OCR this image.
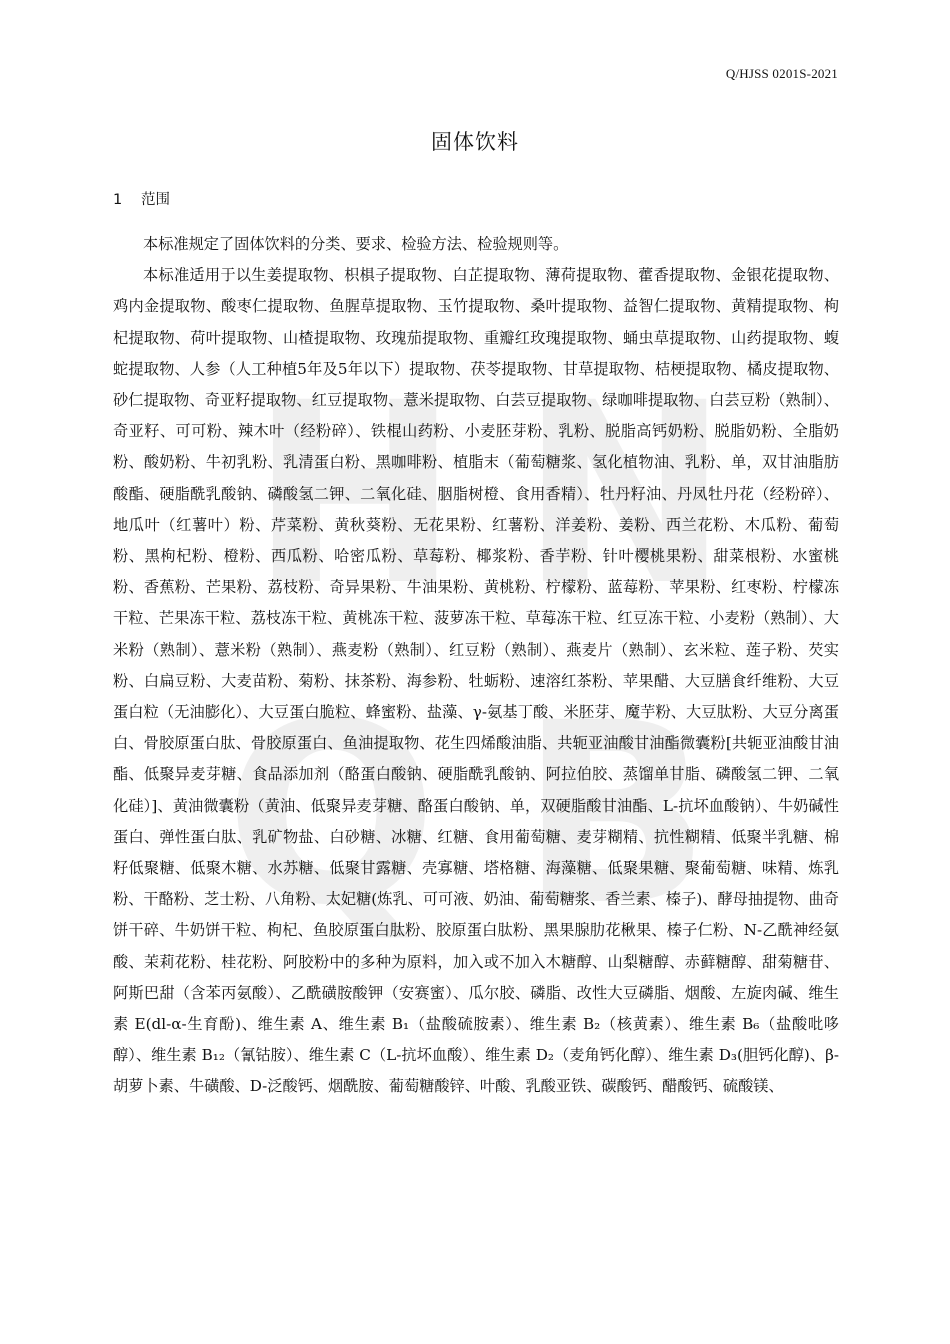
H N
Q B
Q/HJSS 0201S-2021
固体饮料
1 范围

本标准规定了固体饮料的分类、要求、检验方法、检验规则等。

本标准适用于以生姜提取物、枳椇子提取物、白芷提取物、薄荷提取物、藿香提取物、金银花提取物、鸡内金提取物、酸枣仁提取物、鱼腥草提取物、玉竹提取物、桑叶提取物、益智仁提取物、黄精提取物、枸杞提取物、荷叶提取物、山楂提取物、玫瑰茄提取物、重瓣红玫瑰提取物、蛹虫草提取物、山药提取物、蝮蛇提取物、人参（人工种植5年及5年以下）提取物、茯苓提取物、甘草提取物、桔梗提取物、橘皮提取物、砂仁提取物、奇亚籽提取物、红豆提取物、薏米提取物、白芸豆提取物、绿咖啡提取物、白芸豆粉（熟制）、奇亚籽、可可粉、辣木叶（经粉碎）、铁棍山药粉、小麦胚芽粉、乳粉、脱脂高钙奶粉、脱脂奶粉、全脂奶粉、酸奶粉、牛初乳粉、乳清蛋白粉、黑咖啡粉、植脂末（葡萄糖浆、氢化植物油、乳粉、单，双甘油脂肪酸酯、硬脂酰乳酸钠、磷酸氢二钾、二氧化硅、胭脂树橙、食用香精）、牡丹籽油、丹凤牡丹花（经粉碎）、地瓜叶（红薯叶）粉、芹菜粉、黄秋葵粉、无花果粉、红薯粉、洋姜粉、姜粉、西兰花粉、木瓜粉、葡萄粉、黑枸杞粉、橙粉、西瓜粉、哈密瓜粉、草莓粉、椰浆粉、香芋粉、针叶樱桃果粉、甜菜根粉、水蜜桃粉、香蕉粉、芒果粉、荔枝粉、奇异果粉、牛油果粉、黄桃粉、柠檬粉、蓝莓粉、苹果粉、红枣粉、柠檬冻干粒、芒果冻干粒、荔枝冻干粒、黄桃冻干粒、菠萝冻干粒、草莓冻干粒、红豆冻干粒、小麦粉（熟制）、大米粉（熟制）、薏米粉（熟制）、燕麦粉（熟制）、红豆粉（熟制）、燕麦片（熟制）、玄米粒、莲子粉、芡实粉、白扁豆粉、大麦苗粉、菊粉、抹茶粉、海参粉、牡蛎粉、速溶红茶粉、苹果醋、大豆膳食纤维粉、大豆蛋白粒（无油膨化）、大豆蛋白脆粒、蜂蜜粉、盐藻、γ-氨基丁酸、米胚芽、魔芋粉、大豆肽粉、大豆分离蛋白、骨胶原蛋白肽、骨胶原蛋白、鱼油提取物、花生四烯酸油脂、共轭亚油酸甘油酯微囊粉[共轭亚油酸甘油酯、低聚异麦芽糖、食品添加剂（酪蛋白酸钠、硬脂酰乳酸钠、阿拉伯胶、蒸馏单甘脂、磷酸氢二钾、二氧化硅）]、黄油微囊粉（黄油、低聚异麦芽糖、酪蛋白酸钠、单，双硬脂酸甘油酯、L-抗坏血酸钠）、牛奶碱性蛋白、弹性蛋白肽、乳矿物盐、白砂糖、冰糖、红糖、食用葡萄糖、麦芽糊精、抗性糊精、低聚半乳糖、棉籽低聚糖、低聚木糖、水苏糖、低聚甘露糖、壳寡糖、塔格糖、海藻糖、低聚果糖、聚葡萄糖、味精、炼乳粉、干酪粉、芝士粉、八角粉、太妃糖(炼乳、可可液、奶油、葡萄糖浆、香兰素、榛子)、酵母抽提物、曲奇饼干碎、牛奶饼干粒、枸杞、鱼胶原蛋白肽粉、胶原蛋白肽粉、黑果腺肋花楸果、榛子仁粉、N-乙酰神经氨酸、茉莉花粉、桂花粉、阿胶粉中的多种为原料，加入或不加入木糖醇、山梨糖醇、赤藓糖醇、甜菊糖苷、阿斯巴甜（含苯丙氨酸）、乙酰磺胺酸钾（安赛蜜）、瓜尔胶、磷脂、改性大豆磷脂、烟酸、左旋肉碱、维生素 E(dl-α-生育酚)、维生素 A、维生素 B₁（盐酸硫胺素）、维生素 B₂（核黄素）、维生素 B₆（盐酸吡哆醇）、维生素 B₁₂（氰钴胺）、维生素 C（L-抗坏血酸）、维生素 D₂（麦角钙化醇）、维生素 D₃(胆钙化醇)、β-胡萝卜素、牛磺酸、D-泛酸钙、烟酰胺、葡萄糖酸锌、叶酸、乳酸亚铁、碳酸钙、醋酸钙、硫酸镁、
